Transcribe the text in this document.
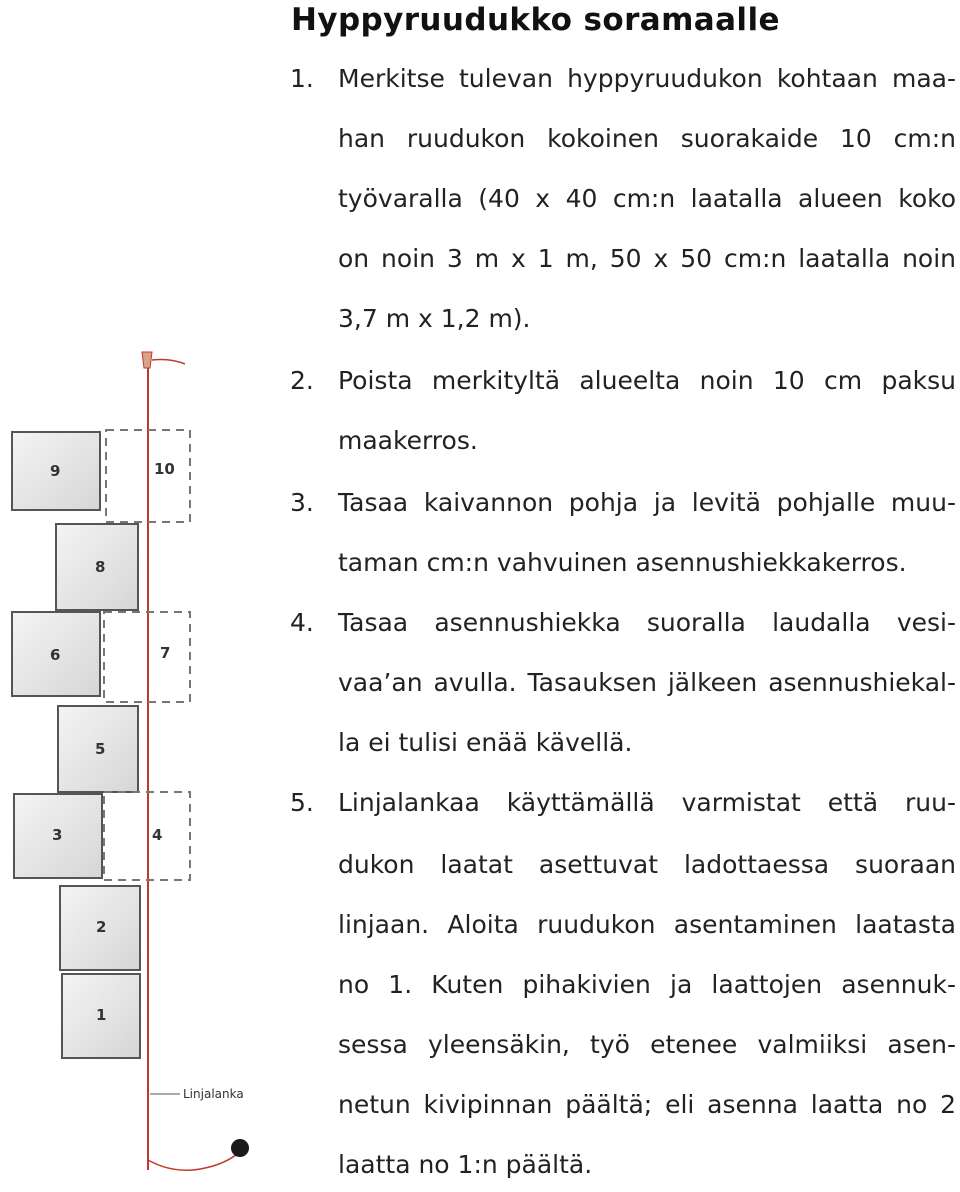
Hyppyruudukko soramaalle
1. Merkitse tulevan hyppyruudukon kohtaan maa-
han ruudukon kokoinen suorakaide 10 cm:n
työvaralla (40 x 40 cm:n laatalla alueen koko
on noin 3 m x 1 m, 50 x 50 cm:n laatalla noin
3,7 m x 1,2 m).
2. Poista merkityltä alueelta noin 10 cm paksu
maakerros.
3. Tasaa kaivannon pohja ja levitä pohjalle muu-
taman cm:n vahvuinen asennushiekkakerros.
4. Tasaa asennushiekka suoralla laudalla vesi-
vaa’an avulla. Tasauksen jälkeen asennushiekal-
la ei tulisi enää kävellä.
5. Linjalankaa käyttämällä varmistat että ruu-
dukon laatat asettuvat ladottaessa suoraan
linjaan. Aloita ruudukon asentaminen laatasta
no 1. Kuten pihakivien ja laattojen asennuk-
sessa yleensäkin, työ etenee valmiiksi asen-
netun kivipinnan päältä; eli asenna laatta no 2
laatta no 1:n päältä.
9
8
6
5
3
2
1
10
7
4
Linjalanka
